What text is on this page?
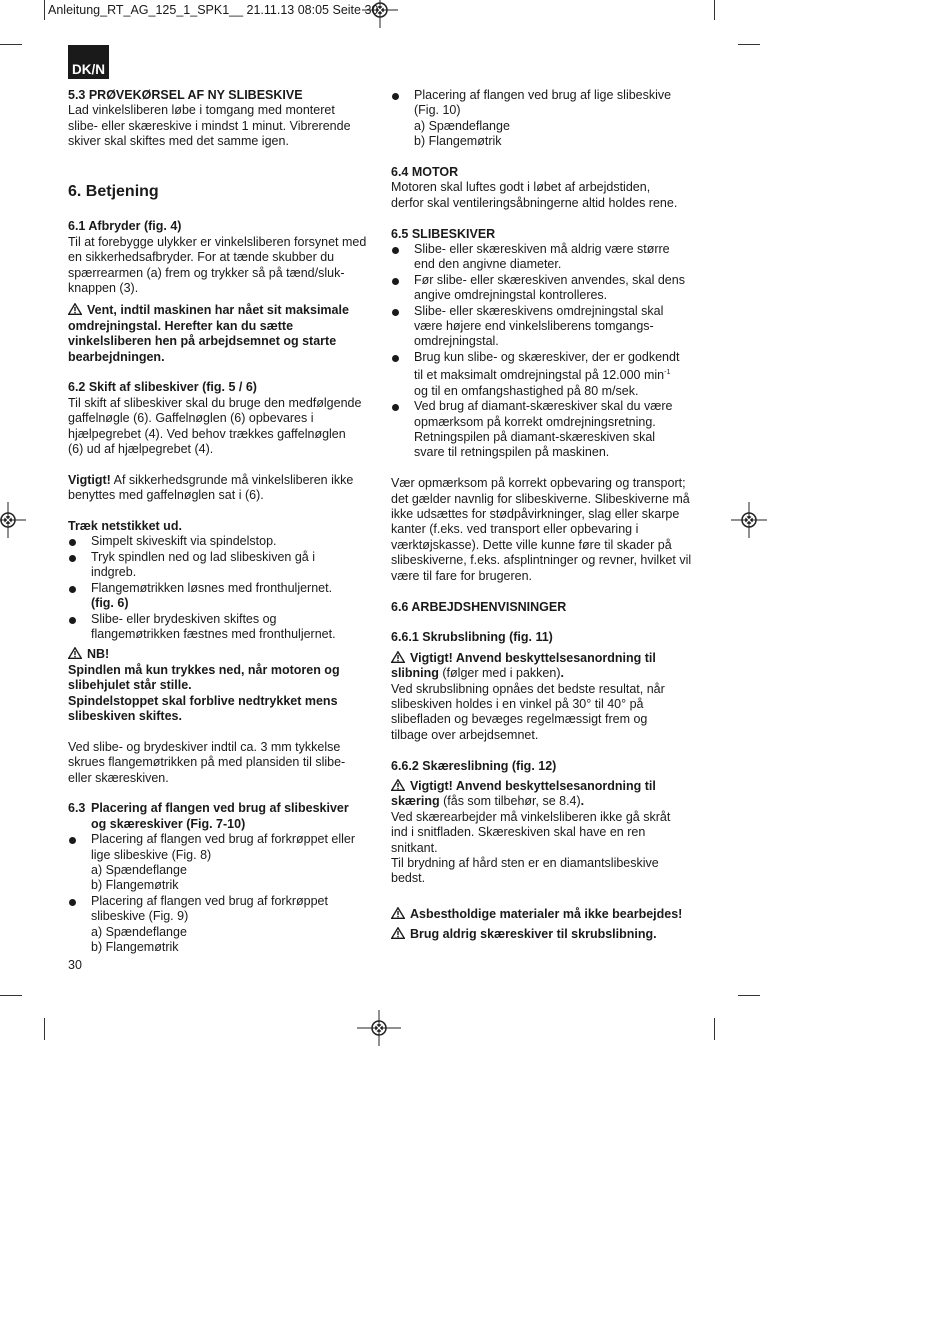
Anleitung_RT_AG_125_1_SPK1__ 21.11.13 08:05 Seite 30
DK/N

5.3 PRØVEKØRSEL AF NY SLIBESKIVE

Lad vinkelsliberen løbe i tomgang med monteret

slibe- eller skæreskive i mindst 1 minut. Vibrerende

skiver skal skiftes med det samme igen.

6. Betjening

6.1 Afbryder (fig. 4)

Til at forebygge ulykker er vinkelsliberen forsynet med

en sikkerhedsafbryder. For at tænde skubber du

spærrearmen (a) frem og trykker så på tænd/sluk-

knappen (3).

Vent, indtil maskinen har nået sit maksimale

omdrejningstal. Herefter kan du sætte

vinkelsliberen hen på arbejdsemnet og starte

bearbejdningen.

6.2 Skift af slibeskiver (fig. 5 / 6)

Til skift af slibeskiver skal du bruge den medfølgende

gaffelnøgle (6). Gaffelnøglen (6) opbevares i

hjælpegrebet (4). Ved behov trækkes gaffelnøglen

(6) ud af hjælpegrebet (4).

Vigtigt! Af sikkerhedsgrunde må vinkelsliberen ikke

benyttes med gaffelnøglen sat i (6).

Træk netstikket ud.

Simpelt skiveskift via spindelstop.
Tryk spindlen ned og lad slibeskiven gå i
indgreb.
Flangemøtrikken løsnes med fronthuljernet.
(fig. 6)
Slibe- eller brydeskiven skiftes og
flangemøtrikken fæstnes med fronthuljernet.

NB!

Spindlen må kun trykkes ned, når motoren og

slibehjulet står stille.

Spindelstoppet skal forblive nedtrykket mens

slibeskiven skiftes.

Ved slibe- og brydeskiver indtil ca. 3 mm tykkelse

skrues flangemøtrikken på med plansiden til slibe-

eller skæreskiven.

6.3 Placering af flangen ved brug af slibeskiver

og skæreskiver (Fig. 7-10)

Placering af flangen ved brug af forkrøppet eller
lige slibeskive (Fig. 8)
a) Spændeflange
b) Flangemøtrik
Placering af flangen ved brug af forkrøppet
slibeskive (Fig. 9)
a) Spændeflange
b) Flangemøtrik
Placering af flangen ved brug af lige slibeskive
(Fig. 10)
a) Spændeflange
b) Flangemøtrik

6.4 MOTOR

Motoren skal luftes godt i løbet af arbejdstiden,

derfor skal ventileringsåbningerne altid holdes rene.

6.5 SLIBESKIVER

Slibe- eller skæreskiven må aldrig være større
end den angivne diameter.
Før slibe- eller skæreskiven anvendes, skal dens
angive omdrejningstal kontrolleres.
Slibe- eller skæreskivens omdrejningstal skal
være højere end vinkelsliberens tomgangs-
omdrejningstal.
Brug kun slibe- og skæreskiver, der er godkendt
til et maksimalt omdrejningstal på 12.000 $\min^{-1}$
og til en omfangshastighed på 80 m/sek.
Ved brug af diamant-skæreskiver skal du være
opmærksom på korrekt omdrejningsretning.
Retningspilen på diamant-skæreskiven skal
svare til retningspilen på maskinen.

Vær opmærksom på korrekt opbevaring og transport;

det gælder navnlig for slibeskiverne. Slibeskiverne må

ikke udsættes for stødpåvirkninger, slag eller skarpe

kanter (f.eks. ved transport eller opbevaring i

værktøjskasse). Dette ville kunne føre til skader på

slibeskiverne, f.eks. afsplintninger og revner, hvilket vil

være til fare for brugeren.

6.6 ARBEJDSHENVISNINGER

6.6.1 Skrubslibning (fig. 11)

Vigtigt! Anvend beskyttelsesanordning til

slibning (følger med i pakken).

Ved skrubslibning opnåes det bedste resultat, når

slibeskiven holdes i en vinkel på 30° til 40° på

slibefladen og bevæges regelmæssigt frem og

tilbage over arbejdsemnet.

6.6.2 Skæreslibning (fig. 12)

Vigtigt! Anvend beskyttelsesanordning til

skæring (fås som tilbehør, se 8.4).

Ved skærearbejder må vinkelsliberen ikke gå skråt

ind i snitfladen. Skæreskiven skal have en ren

snitkant.

Til brydning af hård sten er en diamantslibeskive

bedst.

Asbestholdige materialer må ikke bearbejdes!

Brug aldrig skæreskiver til skrubslibning.

30
